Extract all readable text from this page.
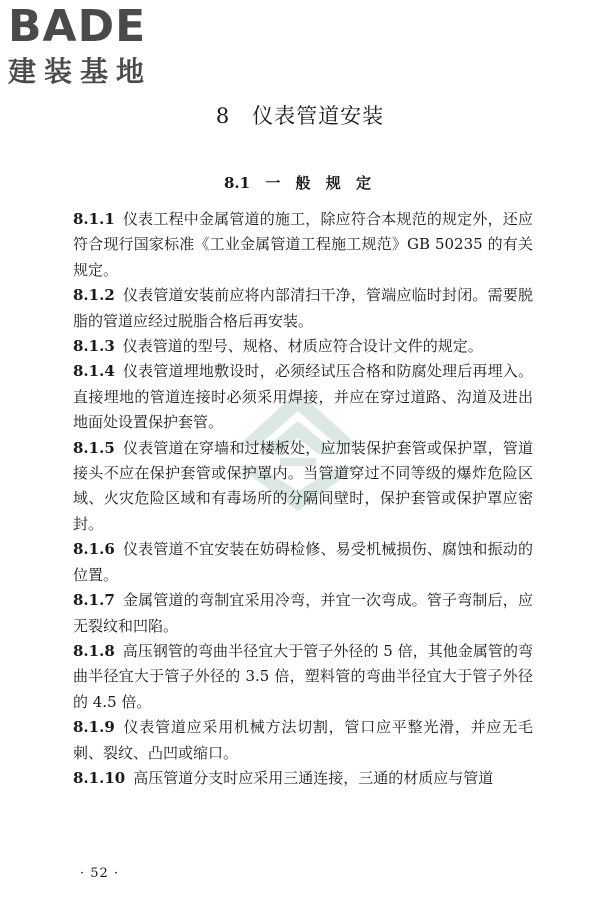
BADE
建装基地
8　仪表管道安装
8.1 一 般 规 定
8.1.1 仪表工程中金属管道的施工，除应符合本规范的规定外，还应符合现行国家标准《工业金属管道工程施工规范》GB 50235 的有关规定。
8.1.2 仪表管道安装前应将内部清扫干净，管端应临时封闭。需要脱脂的管道应经过脱脂合格后再安装。
8.1.3 仪表管道的型号、规格、材质应符合设计文件的规定。
8.1.4 仪表管道埋地敷设时，必须经试压合格和防腐处理后再埋入。直接埋地的管道连接时必须采用焊接，并应在穿过道路、沟道及进出地面处设置保护套管。
8.1.5 仪表管道在穿墙和过楼板处，应加装保护套管或保护罩，管道接头不应在保护套管或保护罩内。当管道穿过不同等级的爆炸危险区域、火灾危险区域和有毒场所的分隔间壁时，保护套管或保护罩应密封。
8.1.6 仪表管道不宜安装在妨碍检修、易受机械损伤、腐蚀和振动的位置。
8.1.7 金属管道的弯制宜采用冷弯，并宜一次弯成。管子弯制后，应无裂纹和凹陷。
8.1.8 高压钢管的弯曲半径宜大于管子外径的 5 倍，其他金属管的弯曲半径宜大于管子外径的 3.5 倍，塑料管的弯曲半径宜大于管子外径的 4.5 倍。
8.1.9 仪表管道应采用机械方法切割，管口应平整光滑，并应无毛刺、裂纹、凸凹或缩口。
8.1.10 高压管道分支时应采用三通连接，三通的材质应与管道
· 52 ·
